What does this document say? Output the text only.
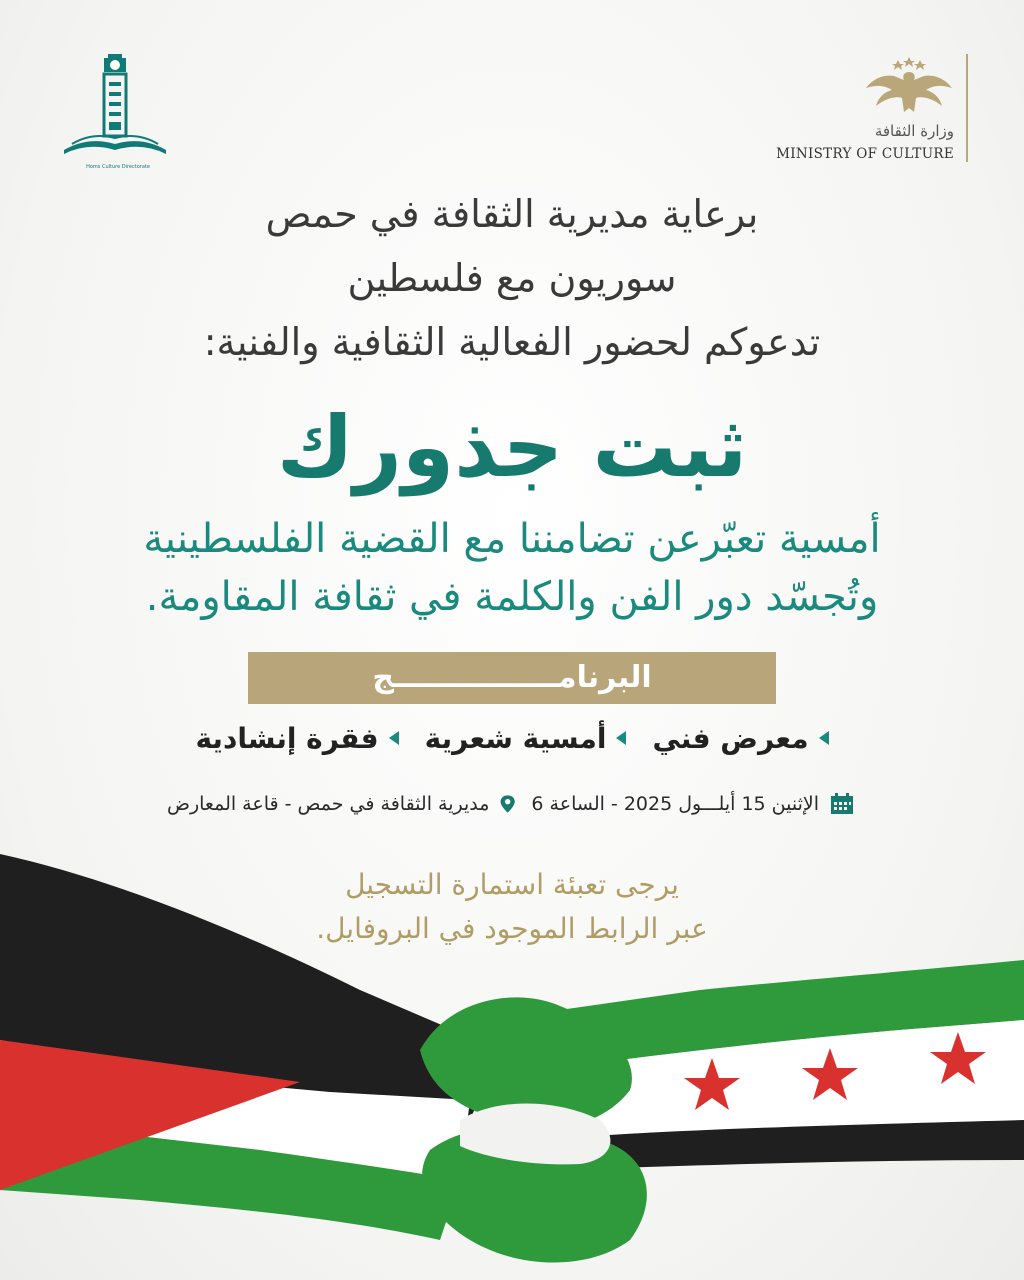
Homs Culture Directorate
وزارة الثقافة
MINISTRY OF CULTURE
برعاية مديرية الثقافة في حمص
سوريون مع فلسطين
تدعوكم لحضور الفعالية الثقافية والفنية:
ثبت جذورك
أمسية تعبّرعن تضامننا مع القضية الفلسطينية
وتُجسّد دور الفن والكلمة في ثقافة المقاومة.
البرنامــــــــــــــــج
معرض فني
أمسية شعرية
فقرة إنشادية
الإثنين 15 أيلـــول 2025 - الساعة 6
مديرية الثقافة في حمص - قاعة المعارض
يرجى تعبئة استمارة التسجيل
عبر الرابط الموجود في البروفايل.
